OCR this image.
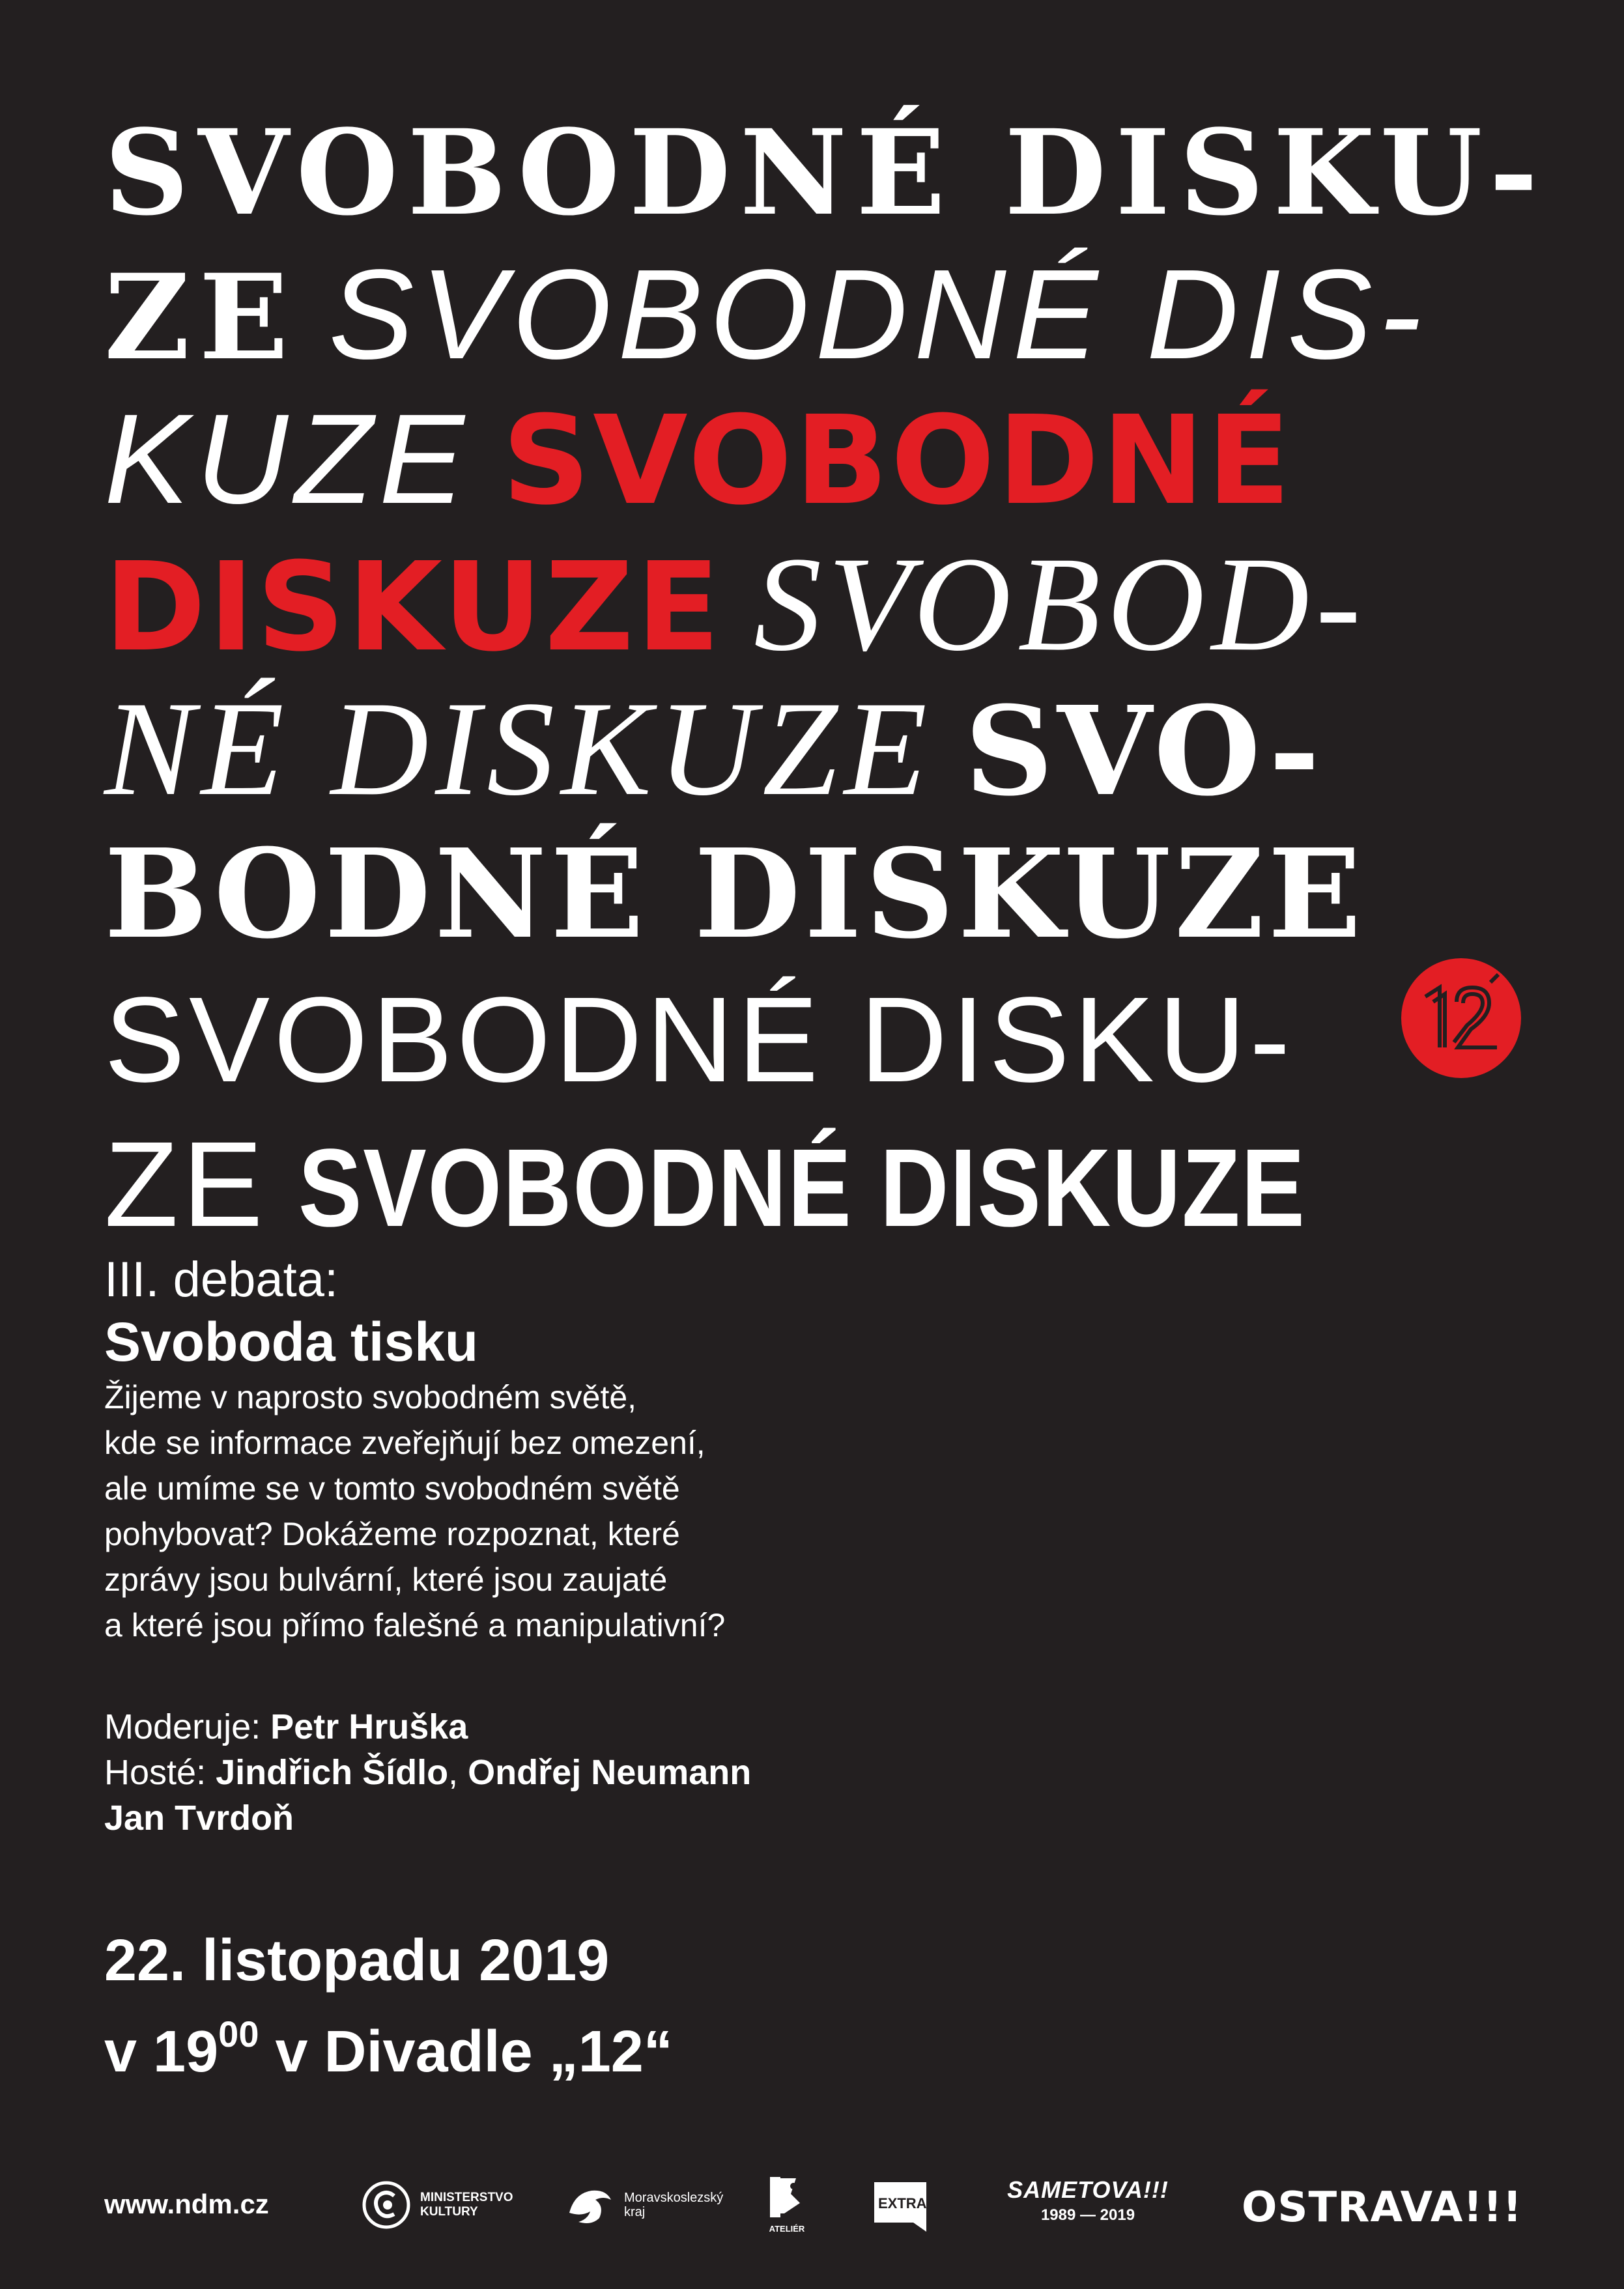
SVOBODNÉ DISKU-
ZE SVOBODNÉ DIS-
KUZE SVOBODNÉ
DISKUZE SVOBOD-
NÉ DISKUZE SVO-
BODNÉ DISKUZE
SVOBODNÉ DISKU-
ZE SVOBODNÉ DISKUZE
12

III. debata:

Svoboda tisku

Žijeme v naprosto svobodném světě,
kde se informace zveřejňují bez omezení,
ale umíme se v tomto svobodném světě
pohybovat? Dokážeme rozpoznat, které
zprávy jsou bulvární, které jsou zaujaté
a které jsou přímo falešné a manipulativní?

Moderuje: Petr Hruška
Hosté: Jindřich Šídlo, Ondřej Neumann
Jan Tvrdoň
22. listopadu 2019
v $19^{00}$ v Divadle „12“
www.ndm.cz	MINISTERSTVO
KULTURY
Moravskoslezský
kraj
ATELIÉR
EXTRA
SAMETOVA!!!
1989 — 2019	OSTRAVA!!!
